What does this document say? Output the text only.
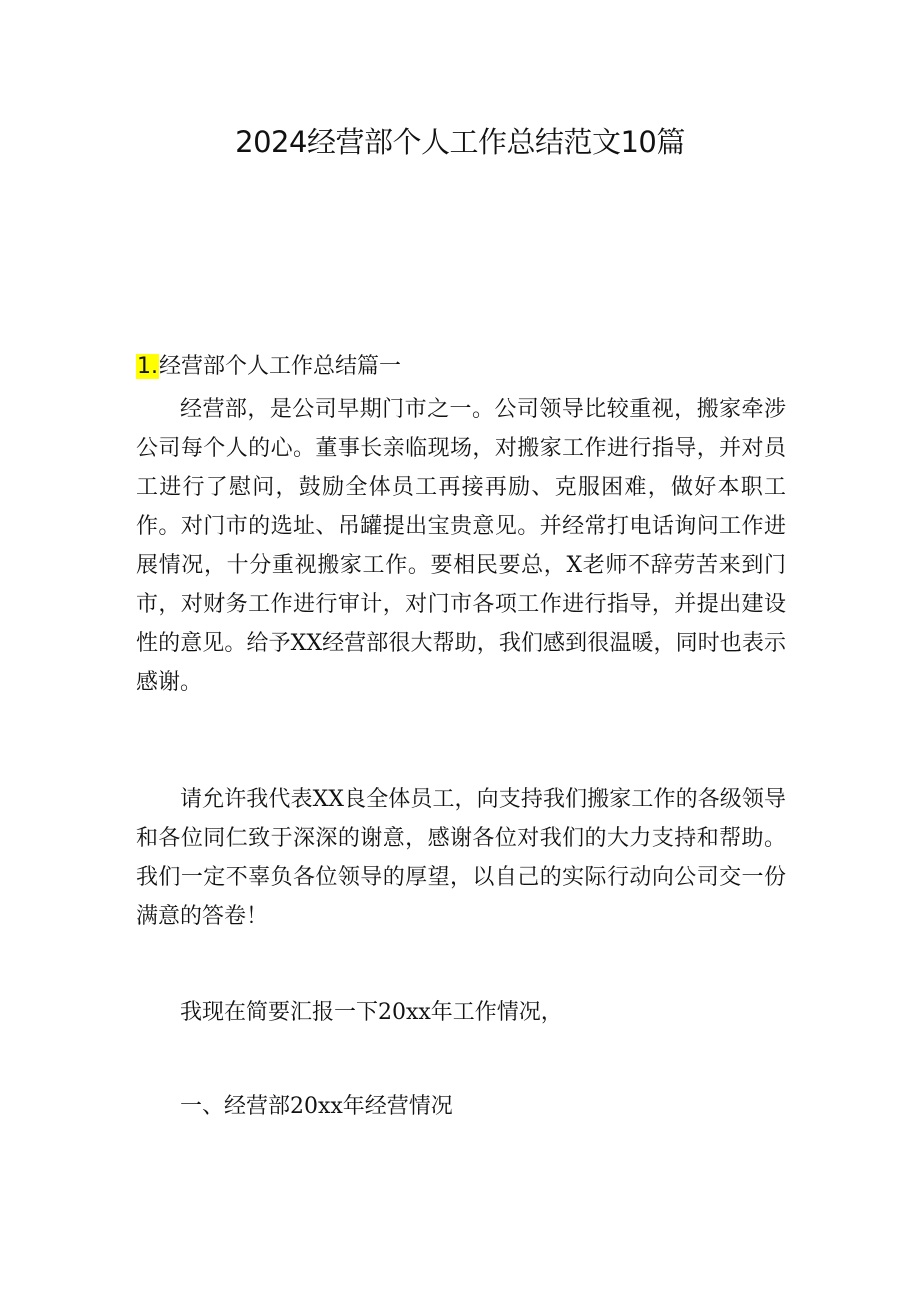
2024经营部个人工作总结范文10篇
1.经营部个人工作总结篇一

经营部，是公司早期门市之一。公司领导比较重视，搬家牵涉公司每个人的心。董事长亲临现场，对搬家工作进行指导，并对员工进行了慰问，鼓励全体员工再接再励、克服困难，做好本职工作。对门市的选址、吊罐提出宝贵意见。并经常打电话询问工作进展情况，十分重视搬家工作。要相民要总，X老师不辞劳苦来到门市，对财务工作进行审计，对门市各项工作进行指导，并提出建设性的意见。给予XX经营部很大帮助，我们感到很温暖，同时也表示感谢。

请允许我代表XX良全体员工，向支持我们搬家工作的各级领导和各位同仁致于深深的谢意，感谢各位对我们的大力支持和帮助。我们一定不辜负各位领导的厚望，以自己的实际行动向公司交一份满意的答卷！

我现在简要汇报一下20xx年工作情况，

一、经营部20xx年经营情况
